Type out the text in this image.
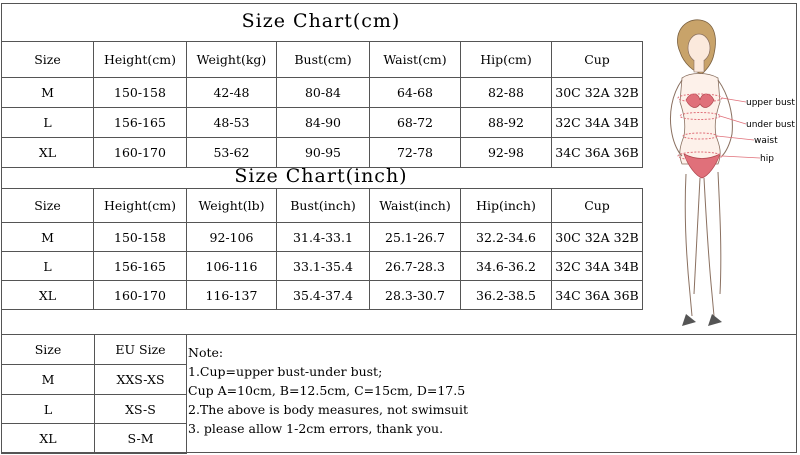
Size Chart(cm)
Size	Height(cm)	Weight(kg)	Bust(cm)	Waist(cm)	Hip(cm)	Cup
M	150-158	42-48	80-84	64-68	82-88	30C 32A 32B
L	156-165	48-53	84-90	68-72	88-92	32C 34A 34B
XL	160-170	53-62	90-95	72-78	92-98	34C 36A 36B
Size Chart(inch)
Size	Height(cm)	Weight(lb)	Bust(inch)	Waist(inch)	Hip(inch)	Cup
M	150-158	92-106	31.4-33.1	25.1-26.7	32.2-34.6	30C 32A 32B
L	156-165	106-116	33.1-35.4	26.7-28.3	34.6-36.2	32C 34A 34B
XL	160-170	116-137	35.4-37.4	28.3-30.7	36.2-38.5	34C 36A 36B
Size	EU Size
M	XXS-XS
L	XS-S
XL	S-M
Note:
1.Cup=upper bust-under bust;
Cup A=10cm, B=12.5cm, C=15cm, D=17.5
2.The above is body measures, not swimsuit
3. please allow 1-2cm errors, thank you.
upper bust
under bust
waist
hip
